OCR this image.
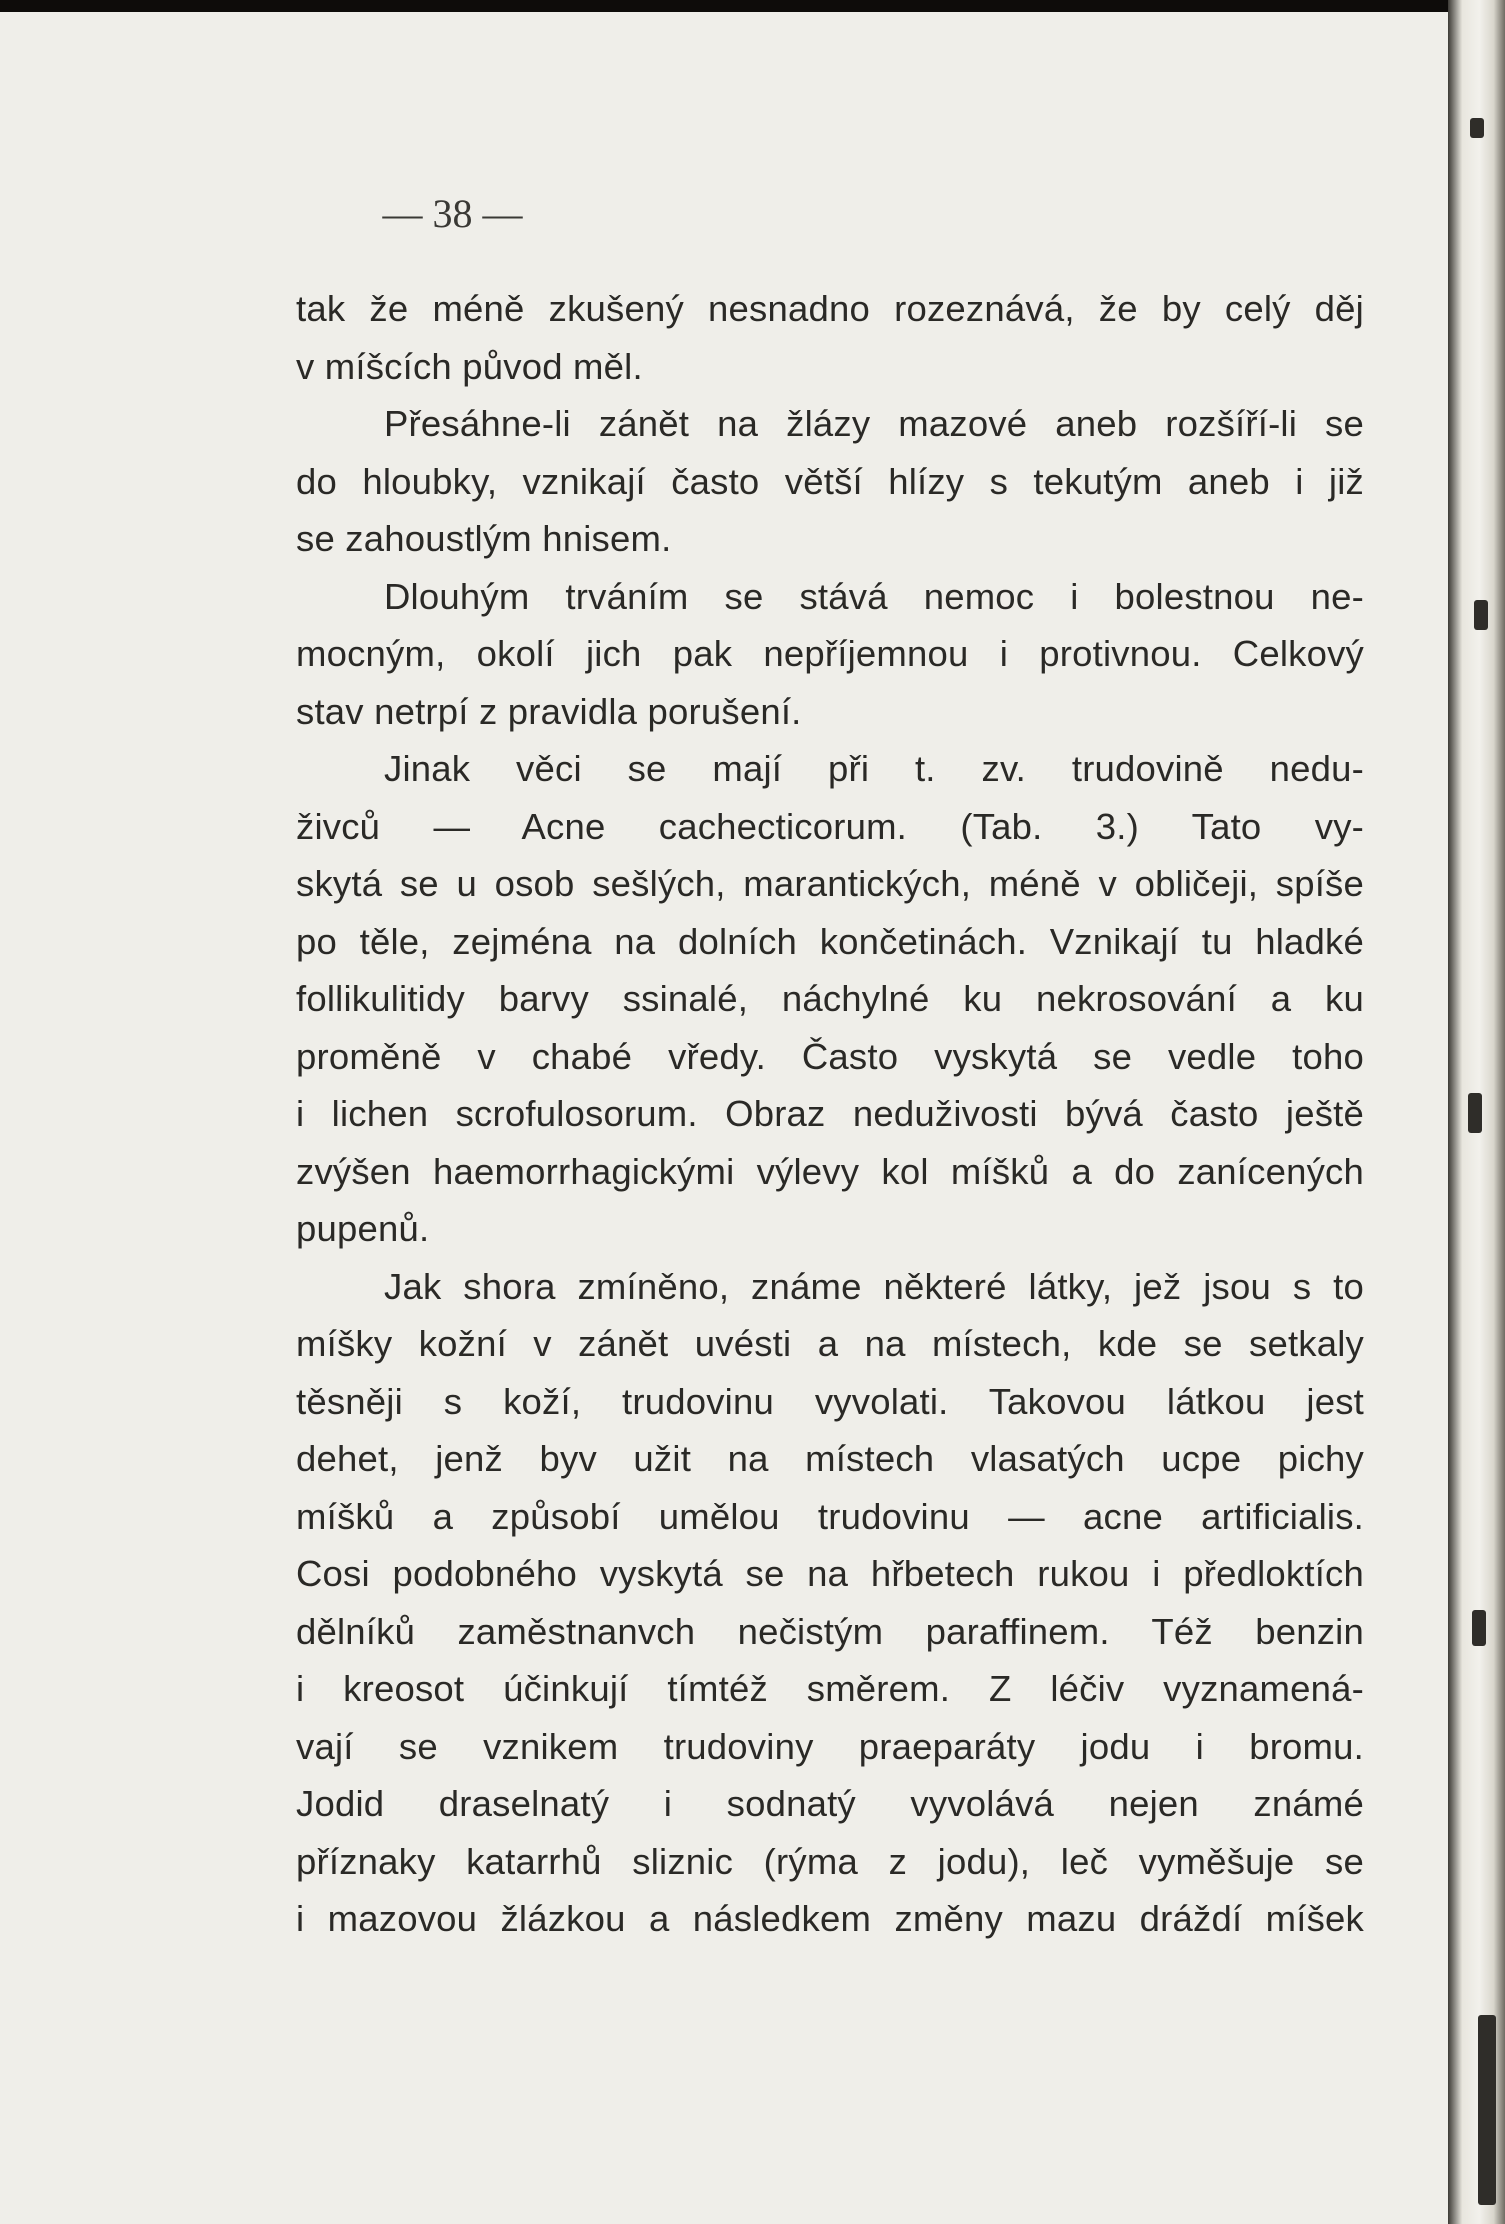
— 38 —
tak že méně zkušený nesnadno rozeznává, že by celý děj
v míšcích původ měl.
Přesáhne-li zánět na žlázy mazové aneb rozšíří-li se
do hloubky, vznikají často větší hlízy s tekutým aneb i již
se zahoustlým hnisem.
Dlouhým trváním se stává nemoc i bolestnou ne-
mocným, okolí jich pak nepříjemnou i protivnou. Celkový
stav netrpí z pravidla porušení.
Jinak věci se mají při t. zv. trudovině nedu-
živců — Acne cachecticorum. (Tab. 3.) Tato vy-
skytá se u osob sešlých, marantických, méně v obličeji, spíše
po těle, zejména na dolních končetinách. Vznikají tu hladké
follikulitidy barvy ssinalé, náchylné ku nekrosování a ku
proměně v chabé vředy. Často vyskytá se vedle toho
i lichen scrofulosorum. Obraz neduživosti bývá často ještě
zvýšen haemorrhagickými výlevy kol míšků a do zanícených
pupenů.
Jak shora zmíněno, známe některé látky, jež jsou s to
míšky kožní v zánět uvésti a na místech, kde se setkaly
těsněji s koží, trudovinu vyvolati. Takovou látkou jest
dehet, jenž byv užit na místech vlasatých ucpe pichy
míšků a způsobí umělou trudovinu — acne artificialis.
Cosi podobného vyskytá se na hřbetech rukou i předloktích
dělníků zaměstnanvch nečistým paraffinem. Též benzin
i kreosot účinkují tímtéž směrem. Z léčiv vyznamená-
vají se vznikem trudoviny praeparáty jodu i bromu.
Jodid draselnatý i sodnatý vyvolává nejen známé
příznaky katarrhů sliznic (rýma z jodu), leč vyměšuje se
i mazovou žlázkou a následkem změny mazu dráždí míšek
